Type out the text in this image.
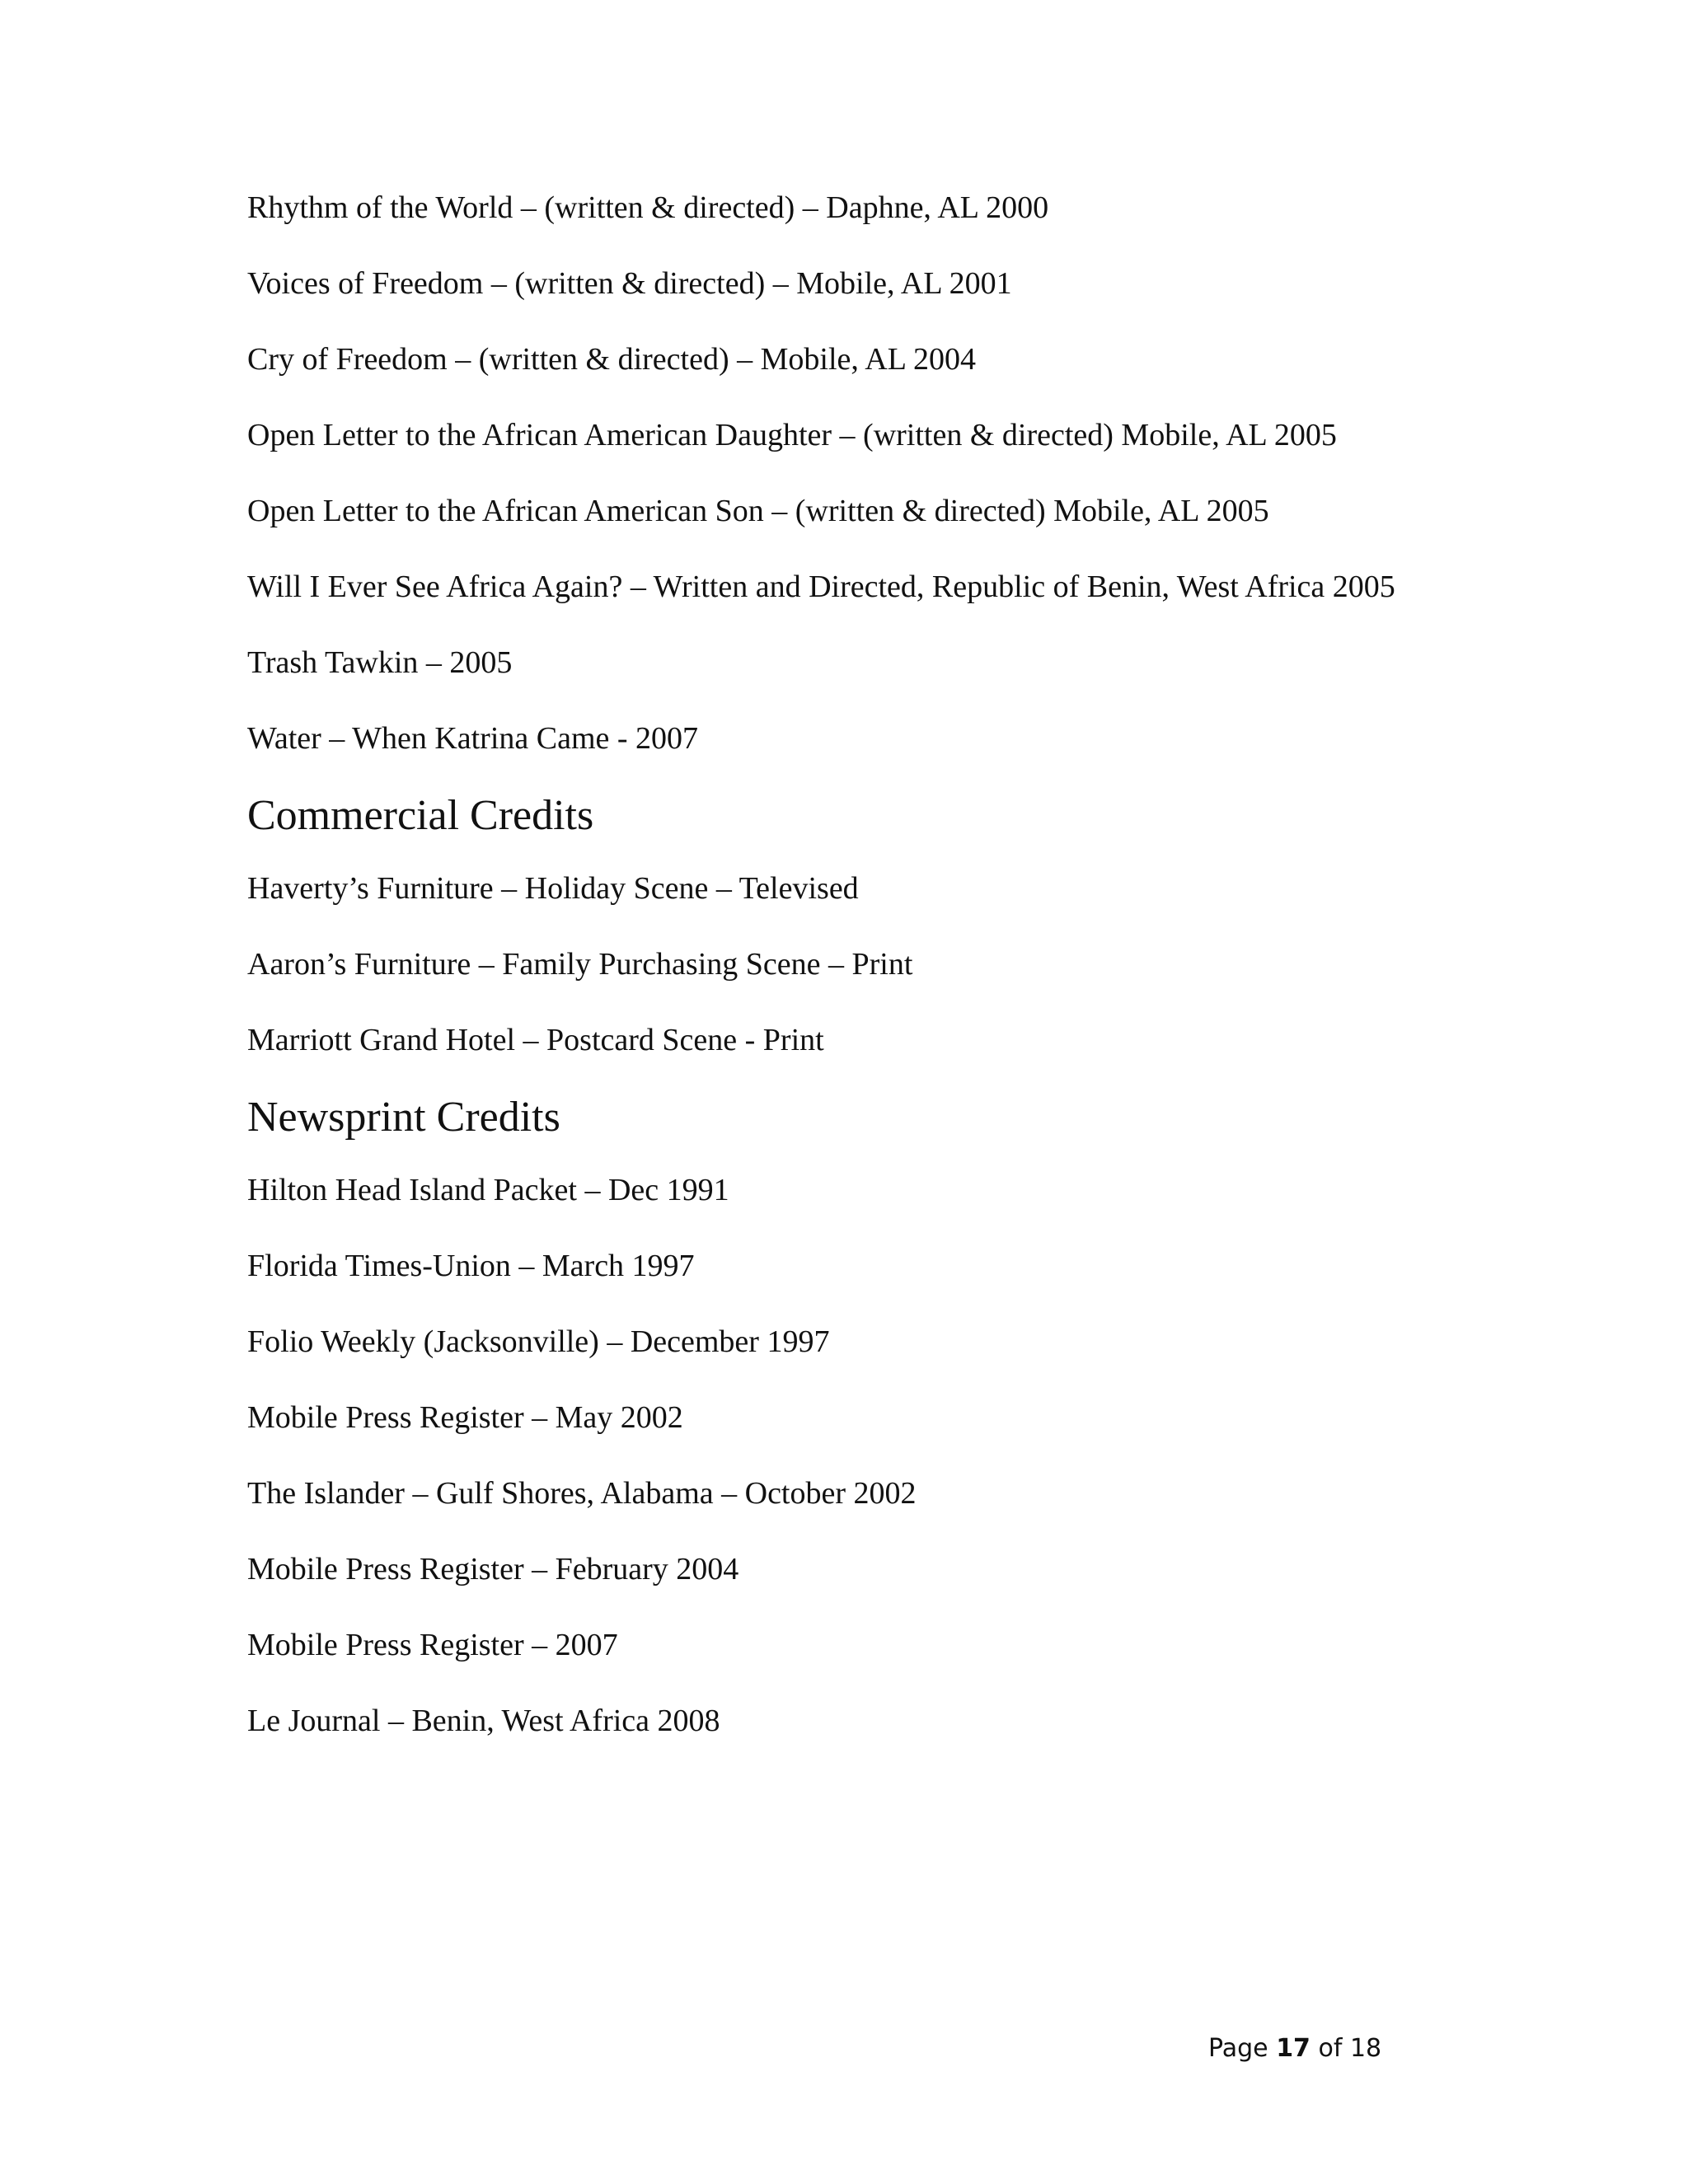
Rhythm of the World – (written & directed) – Daphne, AL 2000
Voices of Freedom – (written & directed) – Mobile, AL 2001
Cry of Freedom – (written & directed) – Mobile, AL 2004
Open Letter to the African American Daughter – (written & directed) Mobile, AL 2005
Open Letter to the African American Son – (written & directed) Mobile, AL 2005
Will I Ever See Africa Again? – Written and Directed, Republic of Benin, West Africa 2005
Trash Tawkin – 2005
Water – When Katrina Came - 2007
Commercial Credits
Haverty’s Furniture – Holiday Scene – Televised
Aaron’s Furniture – Family Purchasing Scene – Print
Marriott Grand Hotel – Postcard Scene - Print
Newsprint Credits
Hilton Head Island Packet – Dec 1991
Florida Times-Union – March 1997
Folio Weekly (Jacksonville) – December 1997
Mobile Press Register – May 2002
The Islander – Gulf Shores, Alabama – October 2002
Mobile Press Register – February 2004
Mobile Press Register – 2007
Le Journal – Benin, West Africa 2008
Page 17 of 18
